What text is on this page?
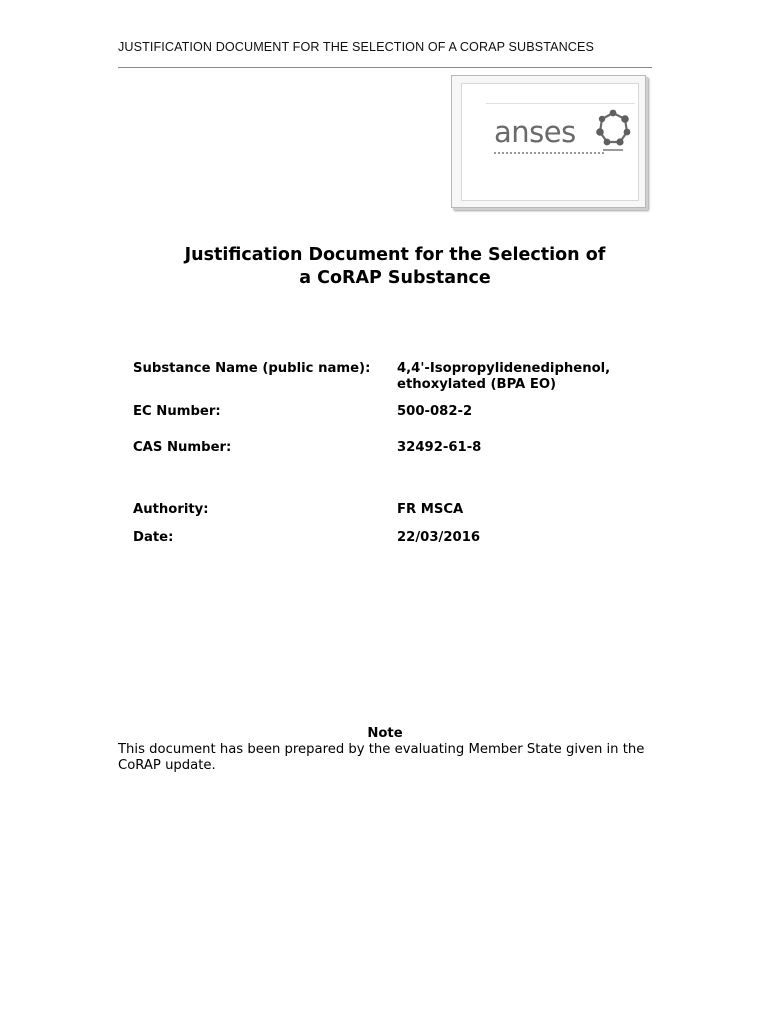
JUSTIFICATION DOCUMENT FOR THE SELECTION OF A CORAP SUBSTANCES
anses
Justification Document for the Selection of
a CoRAP Substance
Substance Name (public name): 4,4'-Isopropylidenediphenol,
ethoxylated (BPA EO)
EC Number:	500-082-2
CAS Number:	32492-61-8
Authority:	FR MSCA
Date:	22/03/2016
Note
This document has been prepared by the evaluating Member State given in the CoRAP update.
